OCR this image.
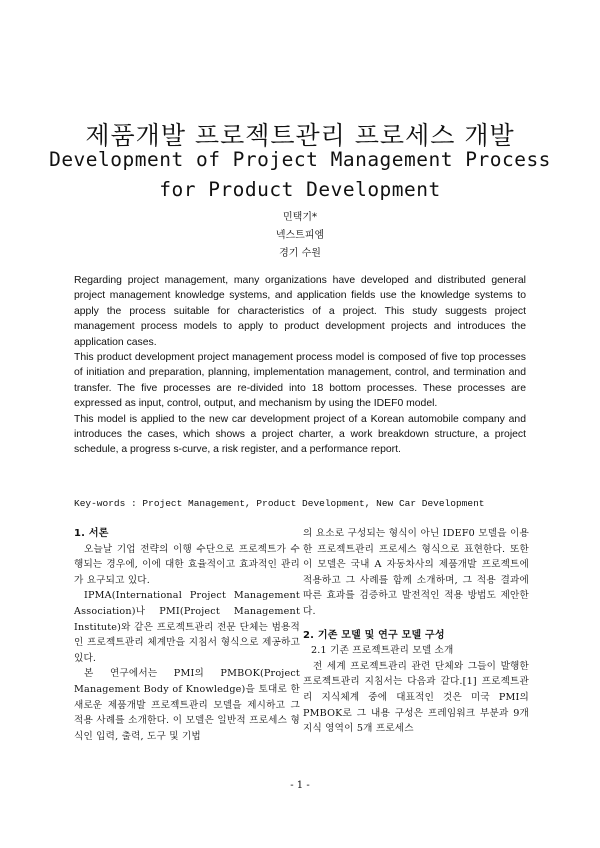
제품개발 프로젝트관리 프로세스 개발
Development of Project Management Process
for Product Development
민택기*
넥스트피엠
경기 수원

Regarding project management, many organizations have developed and distributed general project management knowledge systems, and application fields use the knowledge systems to apply the process suitable for characteristics of a project. This study suggests project management process models to apply to product development projects and introduces the application cases.

This product development project management process model is composed of five top processes of initiation and preparation, planning, implementation management, control, and termination and transfer. The five processes are re-divided into 18 bottom processes. These processes are expressed as input, control, output, and mechanism by using the IDEF0 model.

This model is applied to the new car development project of a Korean automobile company and introduces the cases, which shows a project charter, a work breakdown structure, a project schedule, a progress s-curve, a risk register, and a performance report.

Key-words : Project Management, Product Development, New Car Development

1. 서론

오늘날 기업 전략의 이행 수단으로 프로젝트가 수행되는 경우에, 이에 대한 효율적이고 효과적인 관리가 요구되고 있다.

IPMA(International Project Management Association)나 PMI(Project Management Institute)와 같은 프로젝트관리 전문 단체는 범용적인 프로젝트관리 체계만을 지침서 형식으로 제공하고 있다.

본 연구에서는 PMI의 PMBOK(Project Management Body of Knowledge)을 토대로 한 새로운 제품개발 프로젝트관리 모델을 제시하고 그 적용 사례를 소개한다. 이 모델은 일반적 프로세스 형식인 입력, 출력, 도구 및 기법

의 요소로 구성되는 형식이 아닌 IDEF0 모델을 이용한 프로젝트관리 프로세스 형식으로 표현한다. 또한 이 모델은 국내 A 자동차사의 제품개발 프로젝트에 적용하고 그 사례를 함께 소개하며, 그 적용 결과에 따른 효과를 검증하고 발전적인 적용 방법도 제안한다.

2. 기존 모델 및 연구 모델 구성

2.1 기존 프로젝트관리 모델 소개

전 세계 프로젝트관리 관련 단체와 그들이 발행한 프로젝트관리 지침서는 다음과 같다.[1] 프로젝트관리 지식체계 중에 대표적인 것은 미국 PMI의 PMBOK로 그 내용 구성은 프레임워크 부분과 9개 지식 영역이 5개 프로세스

- 1 -
